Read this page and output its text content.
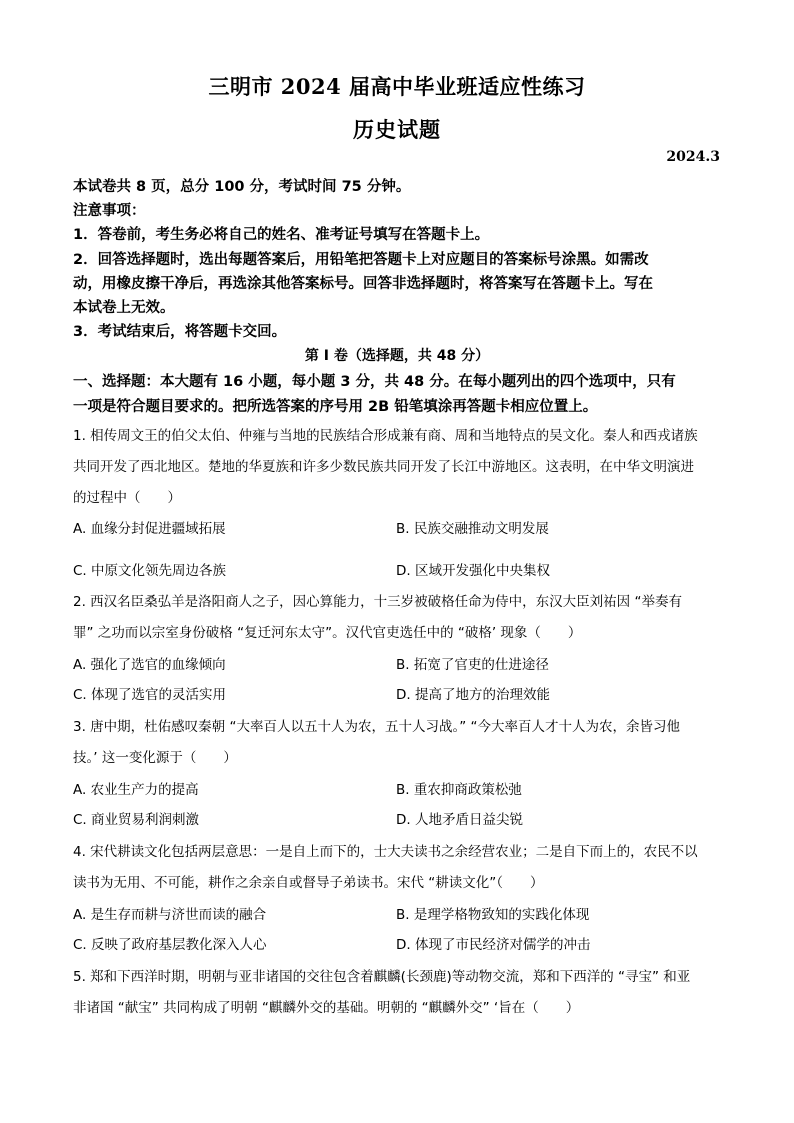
三明市 2024 届高中毕业班适应性练习
历史试题
2024.3
本试卷共 8 页，总分 100 分，考试时间 75 分钟。
注意事项：
1．答卷前，考生务必将自己的姓名、准考证号填写在答题卡上。
2．回答选择题时，选出每题答案后，用铅笔把答题卡上对应题目的答案标号涂黑。如需改
动，用橡皮擦干净后，再选涂其他答案标号。回答非选择题时，将答案写在答题卡上。写在
本试卷上无效。
3．考试结束后，将答题卡交回。
第 I 卷（选择题，共 48 分）
一、选择题：本大题有 16 小题，每小题 3 分，共 48 分。在每小题列出的四个选项中，只有
一项是符合题目要求的。把所选答案的序号用 2B 铅笔填涂再答题卡相应位置上。
1. 相传周文王的伯父太伯、仲雍与当地的民族结合形成兼有商、周和当地特点的吴文化。秦人和西戎诸族
共同开发了西北地区。楚地的华夏族和许多少数民族共同开发了长江中游地区。这表明，在中华文明演进
的过程中（　　）
A. 血缘分封促进疆域拓展	B. 民族交融推动文明发展
C. 中原文化领先周边各族	D. 区域开发强化中央集权
2. 西汉名臣桑弘羊是洛阳商人之子，因心算能力，十三岁被破格任命为侍中，东汉大臣刘祐因 “举奏有
罪” 之功而以宗室身份破格 “复迁河东太守”。汉代官吏选任中的 “破格’ 现象（　　）
A. 强化了选官的血缘倾向	B. 拓宽了官吏的仕进途径
C. 体现了选官的灵活实用	D. 提高了地方的治理效能
3. 唐中期，杜佑感叹秦朝 “大率百人以五十人为农，五十人习战。” “今大率百人才十人为农，余皆习他
技。’ 这一变化源于（　　）
A. 农业生产力的提高	B. 重农抑商政策松弛
C. 商业贸易利润刺激	D. 人地矛盾日益尖锐
4. 宋代耕读文化包括两层意思：一是自上而下的，士大夫读书之余经营农业；二是自下而上的，农民不以
读书为无用、不可能，耕作之余亲自或督导子弟读书。宋代 “耕读文化”（　　）
A. 是生存而耕与济世而读的融合	B. 是理学格物致知的实践化体现
C. 反映了政府基层教化深入人心	D. 体现了市民经济对儒学的冲击
5. 郑和下西洋时期，明朝与亚非诸国的交往包含着麒麟(长颈鹿)等动物交流，郑和下西洋的 “寻宝” 和亚
非诸国 “献宝” 共同构成了明朝 “麒麟外交的基础。明朝的 “麒麟外交” ‘旨在（　　）
